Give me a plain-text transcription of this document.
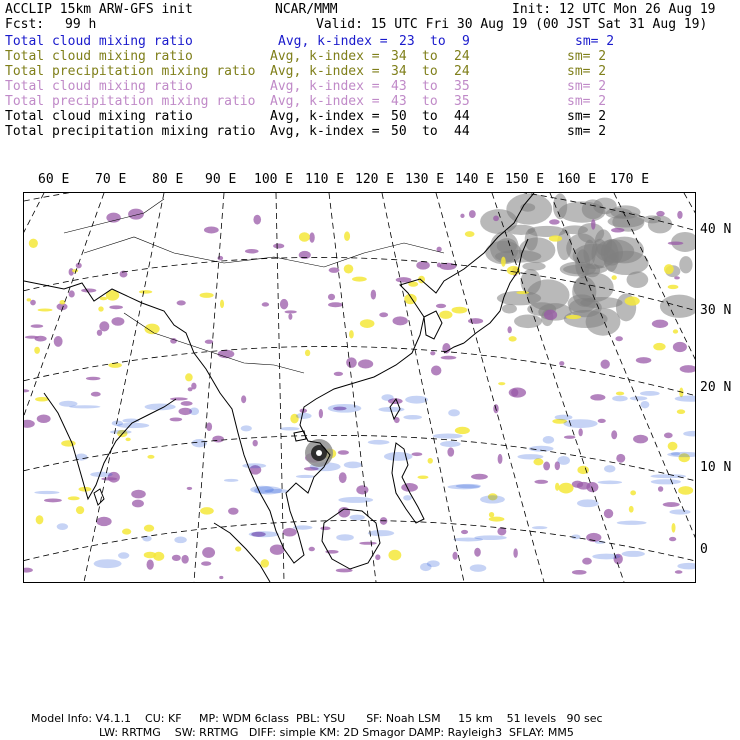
ACCLIP 15km ARW-GFS init	NCAR/MMM	Init: 12 UTC Mon 26 Aug 19
Fcst: 99 h	Valid: 15 UTC Fri 30 Aug 19 (00 JST Sat 31 Aug 19)
Total cloud mixing ratio	Avg, k-index = 23 to 9	sm= 2
Total cloud mixing ratio	Avg, k-index = 34 to 24	sm= 2
Total precipitation mixing ratio Avg, k-index = 34 to 24	sm= 2
Total cloud mixing ratio	Avg, k-index = 43 to 35	sm= 2
Total precipitation mixing ratio Avg, k-index = 43 to 35	sm= 2
Total cloud mixing ratio	Avg, k-index = 50 to 44	sm= 2
Total precipitation mixing ratio Avg, k-index = 50 to 44	sm= 2
60 E 70 E 80 E 90 E 100 E 110 E 120 E 130 E 140 E 150 E 160 E 170 E
40 N
30 N
20 N
10 N
0
Model Info: V4.1.1    CU: KF     MP: WDM 6class  PBL: YSU      SF: Noah LSM     15 km    51 levels   90 sec
LW: RRTMG    SW: RRTMG   DIFF: simple KM: 2D Smagor DAMP: Rayleigh3  SFLAY: MM5
